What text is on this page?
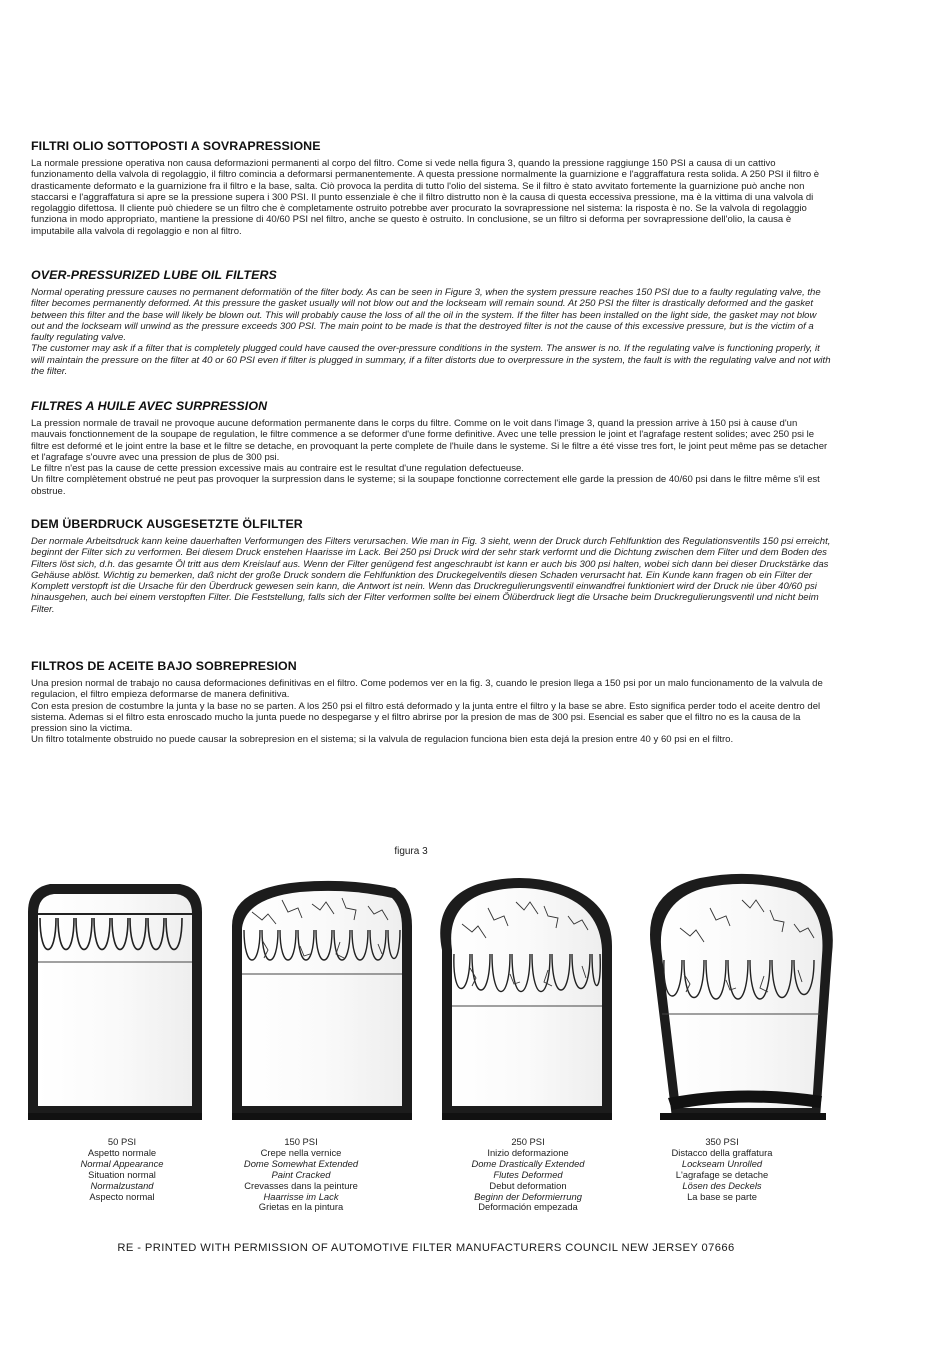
FILTRI OLIO SOTTOPOSTI A SOVRAPRESSIONE

La normale pressione operativa non causa deformazioni permanenti al corpo del filtro. Come si vede nella figura 3, quando la pressione raggiunge 150 PSI a causa di un cattivo funzionamento della valvola di regolaggio, il filtro comincia a deformarsi permanentemente. A questa pressione normalmente la guarnizione e l'aggraffatura resta solida. A 250 PSI il filtro è drasticamente deformato e la guarnizione fra il filtro e la base, salta. Ciò provoca la perdita di tutto l'olio del sistema. Se il filtro è stato avvitato fortemente la guarnizione può anche non staccarsi e l'aggraffatura si apre se la pressione supera i 300 PSI. Il punto essenziale è che il filtro distrutto non è la causa di questa eccessiva pressione, ma è la vittima di una valvola di regolaggio difettosa. Il cliente può chiedere se un filtro che è completamente ostruito potrebbe aver procurato la sovrapressione nel sistema: la risposta è no. Se la valvola di regolaggio funziona in modo appropriato, mantiene la pressione di 40/60 PSI nel filtro, anche se questo è ostruito. In conclusione, se un filtro si deforma per sovrapressione dell'olio, la causa è imputabile alla valvola di regolaggio e non al filtro.

OVER-PRESSURIZED LUBE OIL FILTERS

Normal operating pressure causes no permanent deformatiön of the filter body. As can be seen in Figure 3, when the system pressure reaches 150 PSI due to a faulty regulating valve, the filter becomes permanently deformed. At this pressure the gasket usually will not blow out and the lockseam will remain sound. At 250 PSI the filter is drastically deformed and the gasket between this filter and the base will likely be blown out. This will probably cause the loss of all the oil in the system. If the filter has been installed on the light side, the gasket may not blow out and the lockseam will unwind as the pressure exceeds 300 PSI. The main point to be made is that the destroyed filter is not the cause of this excessive pressure, but is the victim of a faulty regulating valve.

The customer may ask if a filter that is completely plugged could have caused the over-pressure conditions in the system. The answer is no. If the regulating valve is functioning properly, it will maintain the pressure on the filter at 40 or 60 PSI even if filter is plugged in summary, if a filter distorts due to overpressure in the system, the fault is with the regulating valve and not with the filter.

FILTRES A HUILE AVEC SURPRESSION

La pression normale de travail ne provoque aucune deformation permanente dans le corps du filtre. Comme on le voit dans l'image 3, quand la pression arrive à 150 psi à cause d'un mauvais fonctionnement de la soupape de regulation, le filtre commence a se deformer d'une forme definitive. Avec une telle pression le joint et l'agrafage restent solides; avec 250 psi le filtre est deformé et le joint entre la base et le filtre se detache, en provoquant la perte complete de l'huile dans le systeme. Si le filtre a été visse tres fort, le joint peut même pas se detacher et l'agrafage s'ouvre avec una pression de plus de 300 psi.

Le filtre n'est pas la cause de cette pression excessive mais au contraire est le resultat d'une regulation defectueuse.

Un filtre complètement obstrué ne peut pas provoquer la surpression dans le systeme; si la soupape fonctionne correctement elle garde la pression de 40/60 psi dans le filtre même s'il est obstrue.

DEM ÜBERDRUCK AUSGESETZTE ÖLFILTER

Der normale Arbeitsdruck kann keine dauerhaften Verformungen des Filters verursachen. Wie man in Fig. 3 sieht, wenn der Druck durch Fehlfunktion des Regulationsventils 150 psi erreicht, beginnt der Filter sich zu verformen. Bei diesem Druck enstehen Haarisse im Lack. Bei 250 psi Druck wird der sehr stark verformt und die Dichtung zwischen dem Filter und dem Boden des Filters löst sich, d.h. das gesamte Öl tritt aus dem Kreislauf aus. Wenn der Filter genügend fest angeschraubt ist kann er auch bis 300 psi halten, wobei sich dann bei dieser Druckstärke das Gehäuse ablöst. Wichtig zu bemerken, daß nicht der große Druck sondern die Fehlfunktion des Druckegelventils diesen Schaden verursacht hat. Ein Kunde kann fragen ob ein Filter der Komplett verstopft ist die Ursache für den Überdruck gewesen sein kann, die Antwort ist nein. Wenn das Druckregulierungsventil einwandfrei funktioniert wird der Druck nie über 40/60 psi hinausgehen, auch bei einem verstopften Filter. Die Feststellung, falls sich der Filter verformen sollte bei einem Ölüberdruck liegt die Ursache beim Druckregulierungsventil und nicht beim Filter.

FILTROS DE ACEITE BAJO SOBREPRESION

Una presion normal de trabajo no causa deformaciones definitivas en el filtro. Come podemos ver en la fig. 3, cuando le presion llega a 150 psi por un malo funcionamento de la valvula de regulacion, el filtro empieza deformarse de manera definitiva.

Con esta presion de costumbre la junta y la base no se parten. A los 250 psi el filtro está deformado y la junta entre el filtro y la base se abre. Esto significa perder todo el aceite dentro del sistema. Ademas si el filtro esta enroscado mucho la junta puede no despegarse y el filtro abrirse por la presion de mas de 300 psi. Esencial es saber que el filtro no es la causa de la pression sino la victima.

Un filtro totalmente obstruido no puede causar la sobrepresion en el sistema; si la valvula de regulacion funciona bien esta dejá la presion entre 40 y 60 psi en el filtro.

figura 3
50 PSI
Aspetto normale
Normal Appearance
Situation normal
Normalzustand
Aspecto normal
150 PSI
Crepe nella vernice
Dome Somewhat Extended
Paint Cracked
Crevasses dans la peinture
Haarrisse im Lack
Grietas en la pintura
250 PSI
Inizio deformazione
Dome Drastically Extended
Flutes Deformed
Debut deformation
Beginn der Deformierrung
Deformación empezada
350 PSI
Distacco della graffatura
Lockseam Unrolled
L'agrafage se detache
Lösen des Deckels
La base se parte
RE - PRINTED WITH PERMISSION OF AUTOMOTIVE FILTER MANUFACTURERS COUNCIL NEW JERSEY 07666
